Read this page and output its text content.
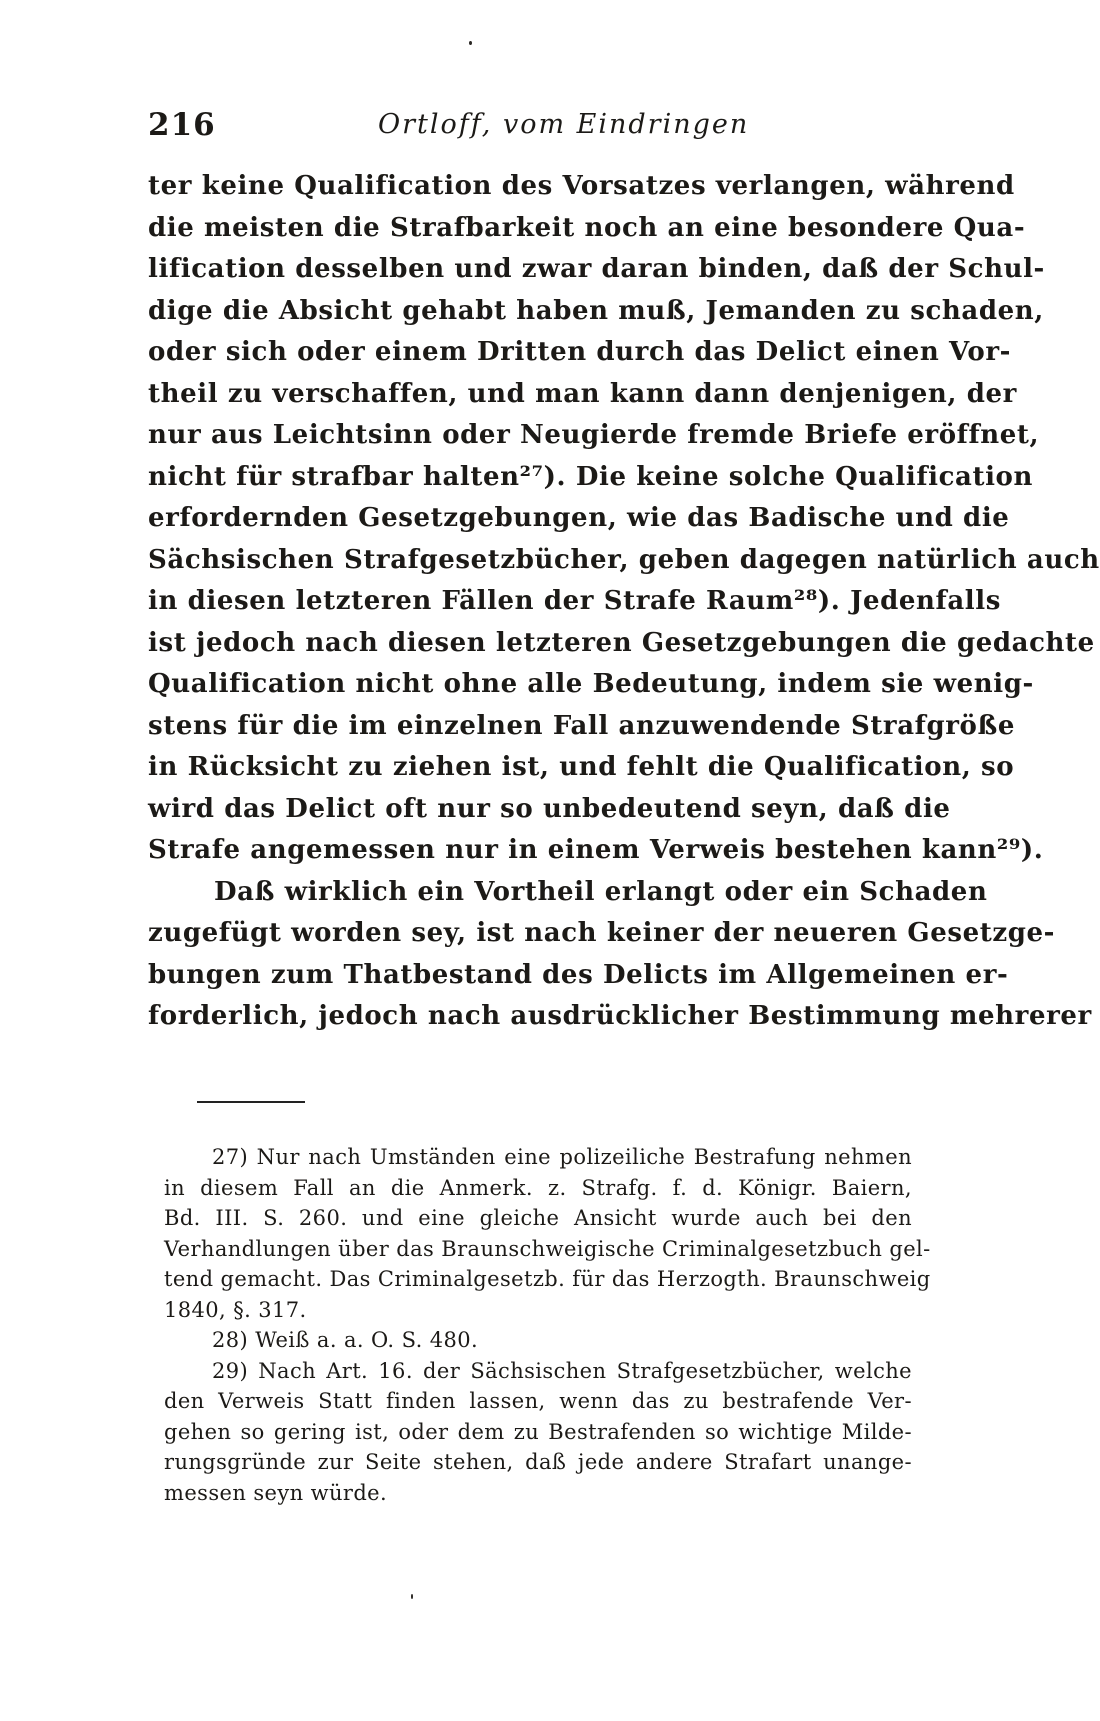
216	Ortloff, vom Eindringen
ter keine Qualification des Vorsatzes verlangen, während
die meisten die Strafbarkeit noch an eine besondere Qua-
lification desselben und zwar daran binden, daß der Schul-
dige die Absicht gehabt haben muß, Jemanden zu schaden,
oder sich oder einem Dritten durch das Delict einen Vor-
theil zu verschaffen, und man kann dann denjenigen, der
nur aus Leichtsinn oder Neugierde fremde Briefe eröffnet,
nicht für strafbar halten²⁷). Die keine solche Qualification
erfordernden Gesetzgebungen, wie das Badische und die
Sächsischen Strafgesetzbücher, geben dagegen natürlich auch
in diesen letzteren Fällen der Strafe Raum²⁸). Jedenfalls
ist jedoch nach diesen letzteren Gesetzgebungen die gedachte
Qualification nicht ohne alle Bedeutung, indem sie wenig-
stens für die im einzelnen Fall anzuwendende Strafgröße
in Rücksicht zu ziehen ist, und fehlt die Qualification, so
wird das Delict oft nur so unbedeutend seyn, daß die
Strafe angemessen nur in einem Verweis bestehen kann²⁹).
Daß wirklich ein Vortheil erlangt oder ein Schaden
zugefügt worden sey, ist nach keiner der neueren Gesetzge-
bungen zum Thatbestand des Delicts im Allgemeinen er-
forderlich, jedoch nach ausdrücklicher Bestimmung mehrerer
27) Nur nach Umständen eine polizeiliche Bestrafung nehmen
in diesem Fall an die Anmerk. z. Strafg. f. d. Königr. Baiern,
Bd. III. S. 260. und eine gleiche Ansicht wurde auch bei den
Verhandlungen über das Braunschweigische Criminalgesetzbuch gel-
tend gemacht. Das Criminalgesetzb. für das Herzogth. Braunschweig
1840, §. 317.
28) Weiß a. a. O. S. 480.
29) Nach Art. 16. der Sächsischen Strafgesetzbücher, welche
den Verweis Statt finden lassen, wenn das zu bestrafende Ver-
gehen so gering ist, oder dem zu Bestrafenden so wichtige Milde-
rungsgründe zur Seite stehen, daß jede andere Strafart unange-
messen seyn würde.
